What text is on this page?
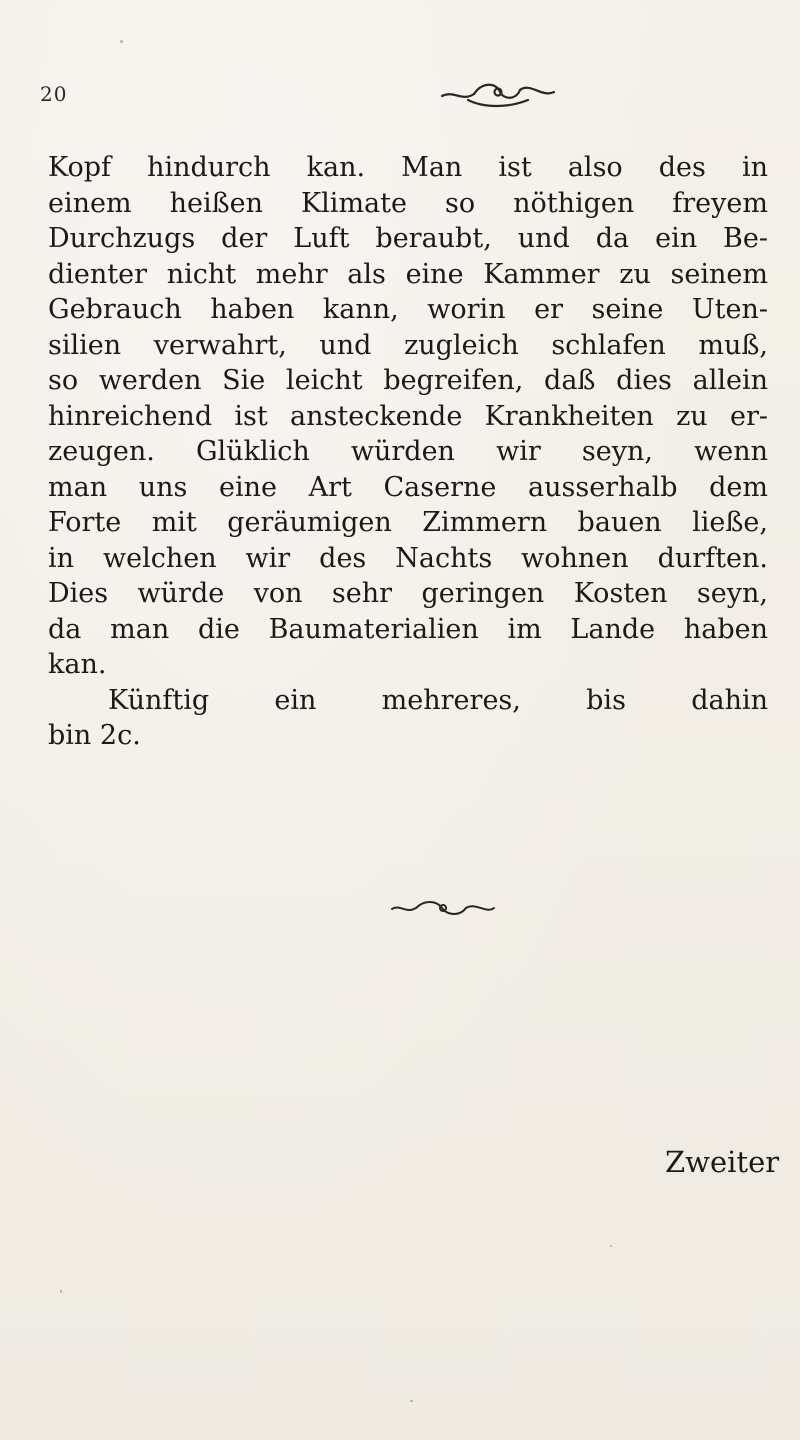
20
Kopf hindurch kan. Man ist also des in
einem heißen Klimate so nöthigen freyem
Durchzugs der Luft beraubt, und da ein Be-
dienter nicht mehr als eine Kammer zu seinem
Gebrauch haben kann, worin er seine Uten-
silien verwahrt, und zugleich schlafen muß,
so werden Sie leicht begreifen, daß dies allein
hinreichend ist ansteckende Krankheiten zu er-
zeugen. Glüklich würden wir seyn, wenn
man uns eine Art Caserne ausserhalb dem
Forte mit geräumigen Zimmern bauen ließe,
in welchen wir des Nachts wohnen durften.
Dies würde von sehr geringen Kosten seyn,
da man die Baumaterialien im Lande haben
kan.
Künftig ein mehreres, bis dahin
bin 2c.
Zweiter
